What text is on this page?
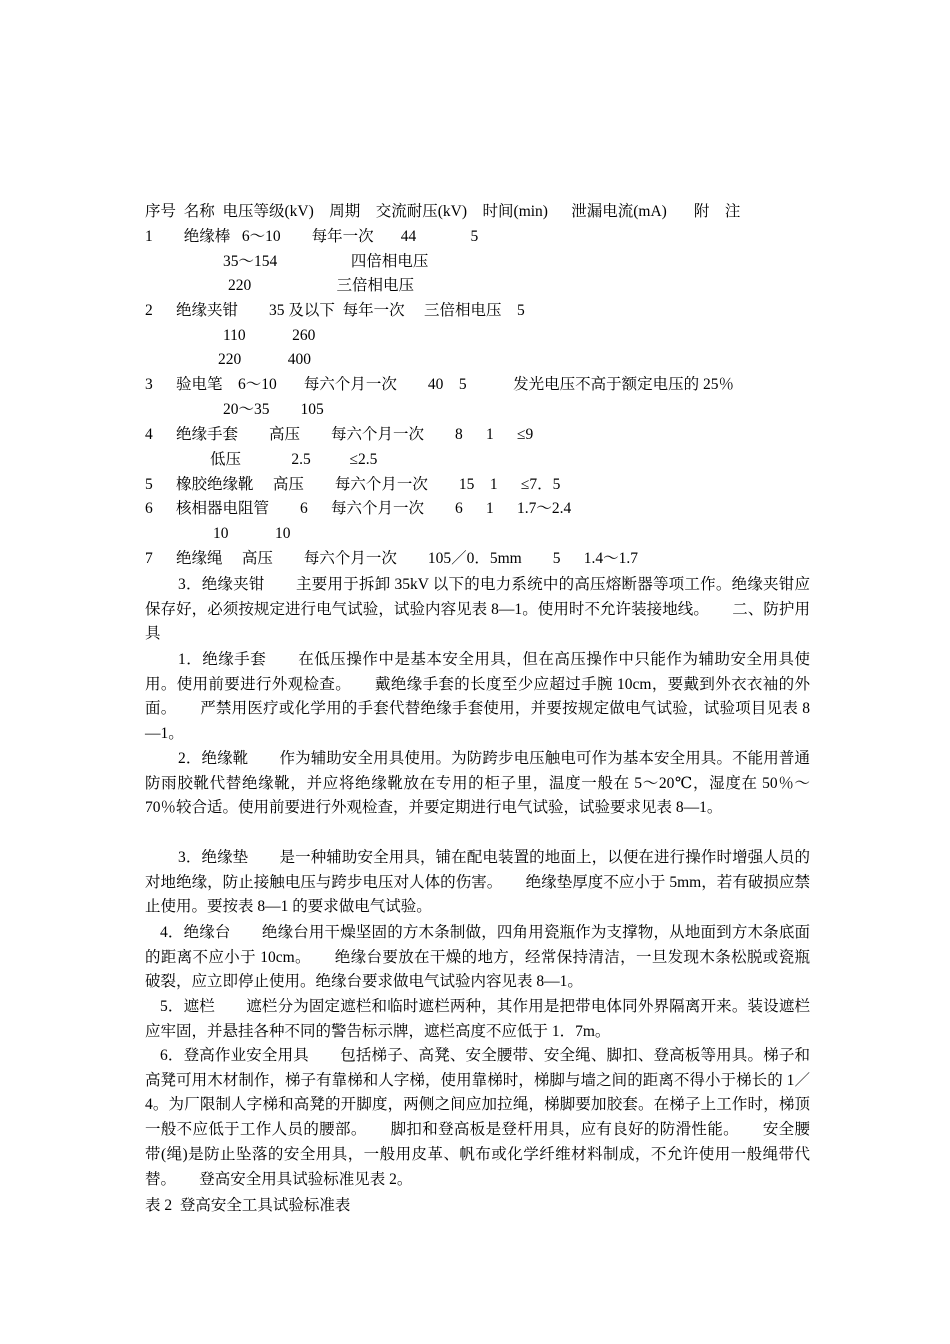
序号  名称  电压等级(kV)    周期    交流耐压(kV)    时间(min)      泄漏电流(mA)       附    注
1        绝缘棒   6～10        每年一次       44              5
35～154                   四倍相电压
220                      三倍相电压
2      绝缘夹钳        35 及以下  每年一次     三倍相电压    5
110            260
220            400
3      验电笔    6～10       每六个月一次        40    5            发光电压不高于额定电压的 25％
20～35        105
4      绝缘手套        高压        每六个月一次        8      1      ≤9
低压             2.5          ≤2.5
5      橡胶绝缘靴     高压        每六个月一次        15    1      ≤7．5
6      核相器电阻管        6      每六个月一次        6      1      1.7～2.4
10            10
7      绝缘绳     高压        每六个月一次        105／0．5mm        5      1.4～1.7
3．绝缘夹钳　　主要用于拆卸 35kV 以下的电力系统中的高压熔断器等项工作。绝缘夹钳应保存好，必须按规定进行电气试验，试验内容见表 8—1。使用时不允许装接地线。　　二、防护用具
1．绝缘手套　　在低压操作中是基本安全用具，但在高压操作中只能作为辅助安全用具使用。使用前要进行外观检查。　　戴绝缘手套的长度至少应超过手腕 10cm，要戴到外衣衣袖的外面。　　严禁用医疗或化学用的手套代替绝缘手套使用，并要按规定做电气试验，试验项目见表 8—1。
2．绝缘靴　　作为辅助安全用具使用。为防跨步电压触电可作为基本安全用具。不能用普通防雨胶靴代替绝缘靴，并应将绝缘靴放在专用的柜子里，温度一般在 5～20℃，湿度在 50％～70％较合适。使用前要进行外观检查，并要定期进行电气试验，试验要求见表 8—1。
3．绝缘垫　　是一种辅助安全用具，铺在配电装置的地面上，以便在进行操作时增强人员的对地绝缘，防止接触电压与跨步电压对人体的伤害。　　绝缘垫厚度不应小于 5mm，若有破损应禁止使用。要按表 8—1 的要求做电气试验。
4．绝缘台　　绝缘台用干燥坚固的方木条制做，四角用瓷瓶作为支撑物，从地面到方木条底面的距离不应小于 10cm。　　绝缘台要放在干燥的地方，经常保持清洁，一旦发现木条松脱或瓷瓶破裂，应立即停止使用。绝缘台要求做电气试验内容见表 8—1。
5．遮栏　　遮栏分为固定遮栏和临时遮栏两种，其作用是把带电体同外界隔离开来。装设遮栏应牢固，并悬挂各种不同的警告标示牌，遮栏高度不应低于 1．7m。
6．登高作业安全用具　　包括梯子、高凳、安全腰带、安全绳、脚扣、登高板等用具。梯子和高凳可用木材制作，梯子有靠梯和人字梯，使用靠梯时，梯脚与墙之间的距离不得小于梯长的 1／4。为厂限制人字梯和高凳的开脚度，两侧之间应加拉绳，梯脚要加胶套。在梯子上工作时，梯顶一般不应低于工作人员的腰部。　　脚扣和登高板是登杆用具，应有良好的防滑性能。　　安全腰带(绳)是防止坠落的安全用具，一般用皮革、帆布或化学纤维材料制成，不允许使用一般绳带代替。　　登高安全用具试验标准见表 2。
表 2  登高安全工具试验标准表
